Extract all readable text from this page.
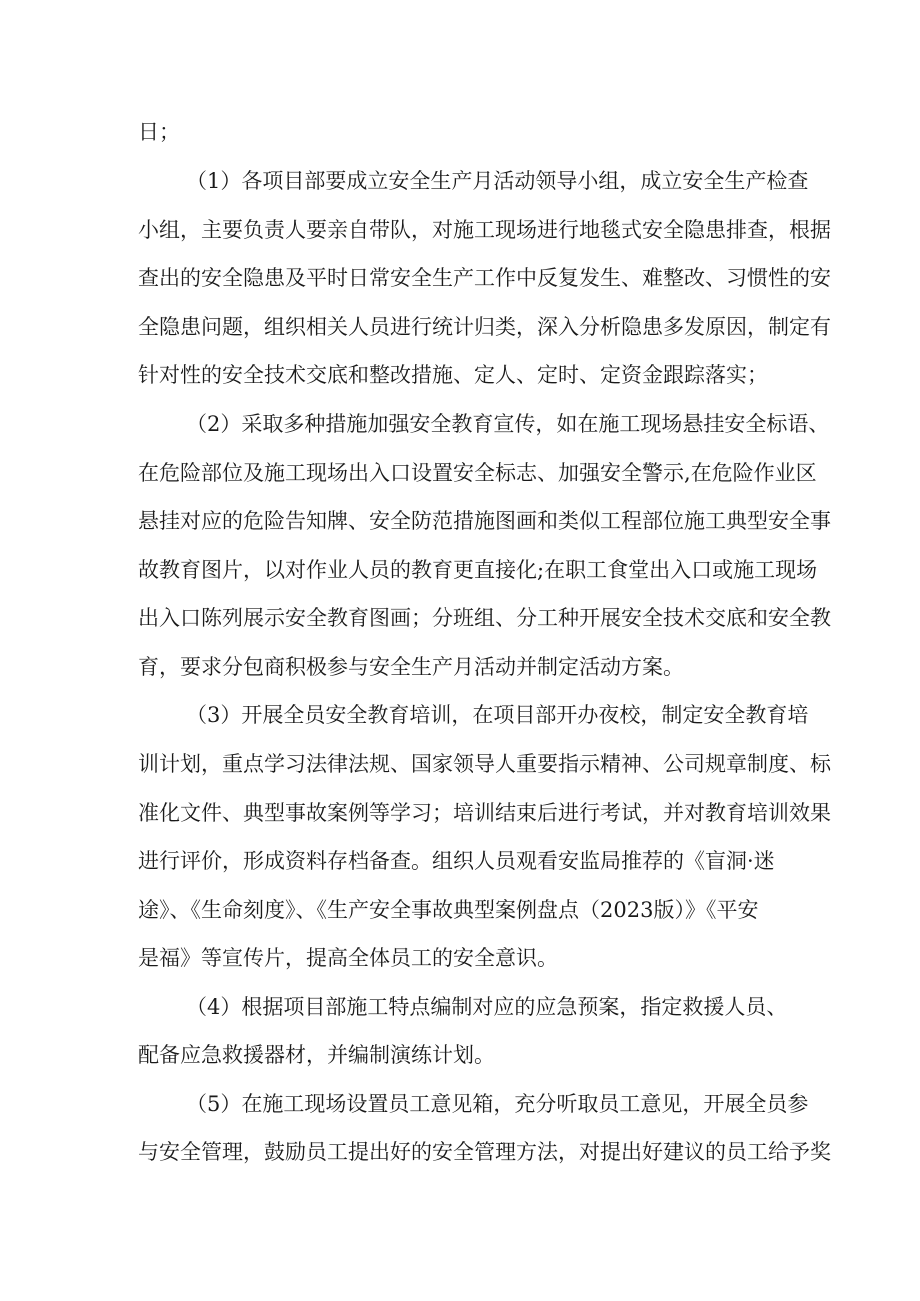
日；
（1）各项目部要成立安全生产月活动领导小组，成立安全生产检查
小组，主要负责人要亲自带队，对施工现场进行地毯式安全隐患排查，根据
查出的安全隐患及平时日常安全生产工作中反复发生、难整改、习惯性的安
全隐患问题，组织相关人员进行统计归类，深入分析隐患多发原因，制定有
针对性的安全技术交底和整改措施、定人、定时、定资金跟踪落实；
（2）采取多种措施加强安全教育宣传，如在施工现场悬挂安全标语、
在危险部位及施工现场出入口设置安全标志、加强安全警示,在危险作业区
悬挂对应的危险告知牌、安全防范措施图画和类似工程部位施工典型安全事
故教育图片，以对作业人员的教育更直接化;在职工食堂出入口或施工现场
出入口陈列展示安全教育图画；分班组、分工种开展安全技术交底和安全教
育，要求分包商积极参与安全生产月活动并制定活动方案。
（3）开展全员安全教育培训，在项目部开办夜校，制定安全教育培
训计划，重点学习法律法规、国家领导人重要指示精神、公司规章制度、标
准化文件、典型事故案例等学习；培训结束后进行考试，并对教育培训效果
进行评价，形成资料存档备查。组织人员观看安监局推荐的《盲洞·迷
途》、《生命刻度》、《生产安全事故典型案例盘点（2023版）》《平安
是福》等宣传片，提高全体员工的安全意识。
（4）根据项目部施工特点编制对应的应急预案，指定救援人员、
配备应急救援器材，并编制演练计划。
（5）在施工现场设置员工意见箱，充分听取员工意见，开展全员参
与安全管理，鼓励员工提出好的安全管理方法，对提出好建议的员工给予奖
